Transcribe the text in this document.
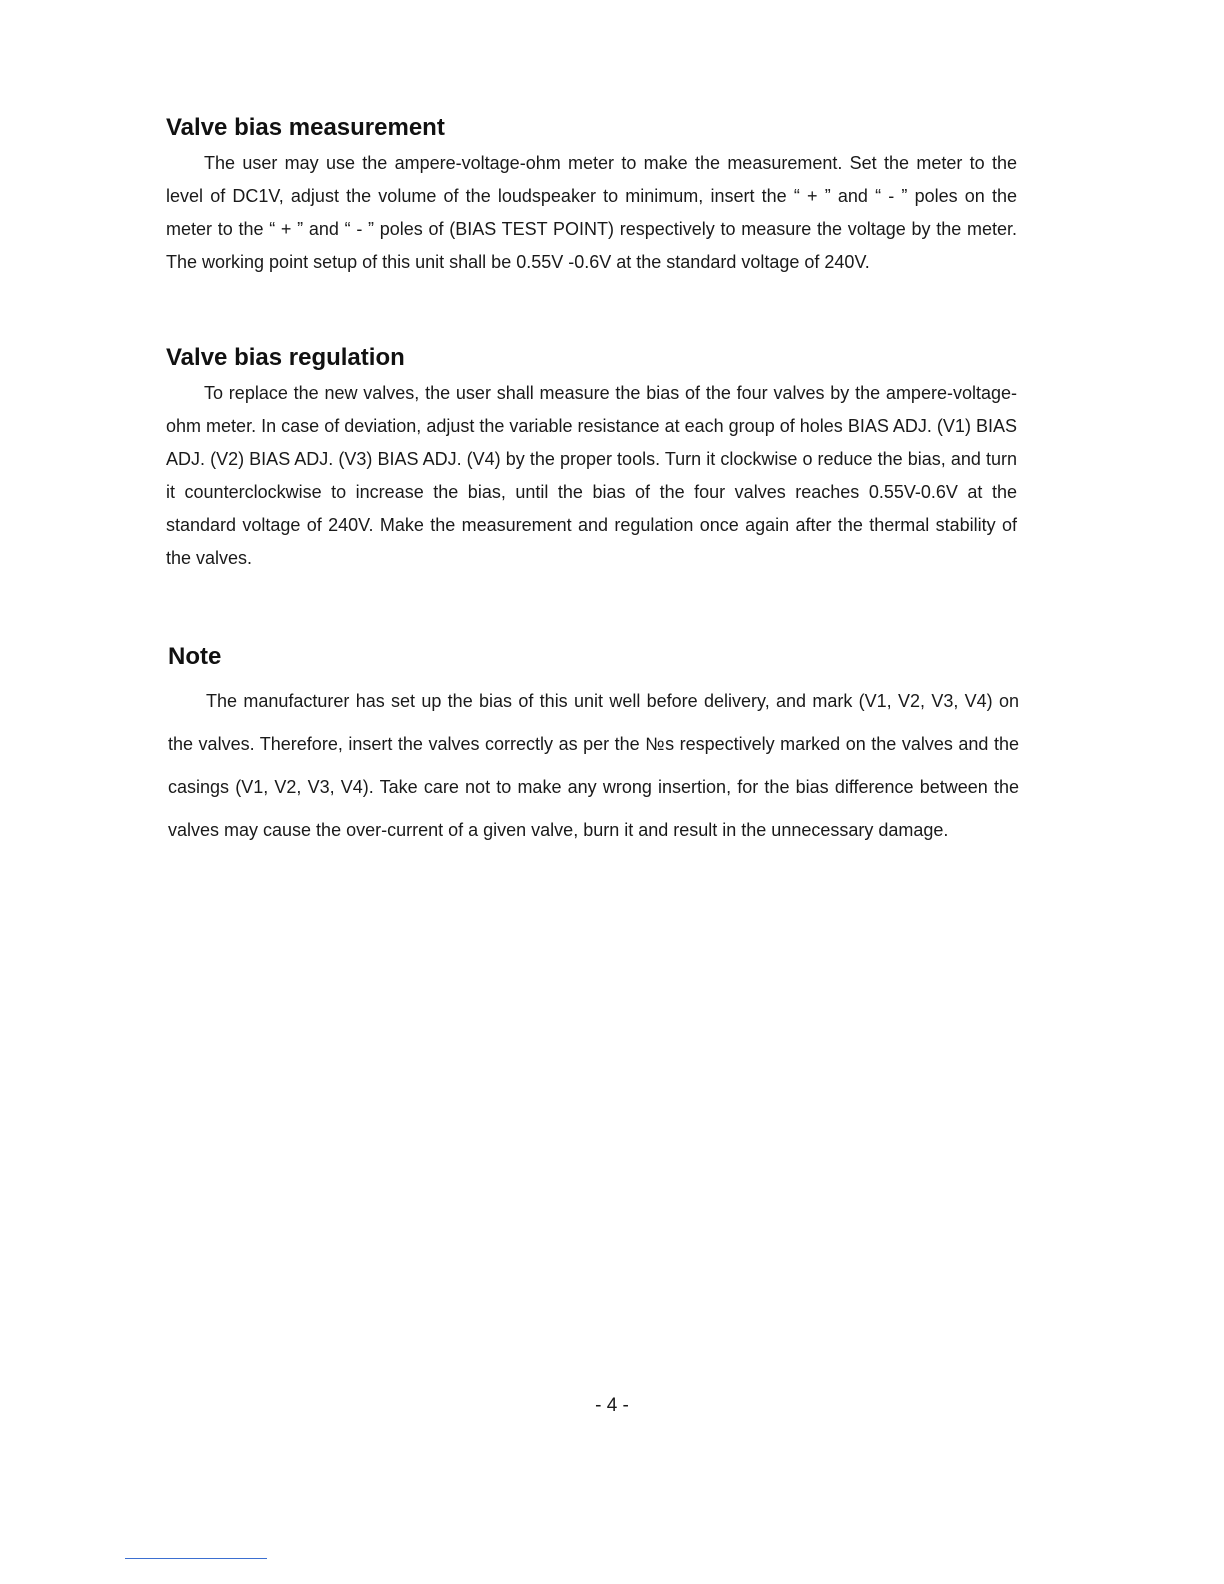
Valve bias measurement

The user may use the ampere-voltage-ohm meter to make the measurement. Set the meter to the level of DC1V, adjust the volume of the loudspeaker to minimum, insert the “ + ” and “ - ” poles on the meter to the “ + ” and “ - ” poles of (BIAS TEST POINT) respectively to measure the voltage by the meter. The working point setup of this unit shall be 0.55V -0.6V at the standard voltage of 240V.

Valve bias regulation

To replace the new valves, the user shall measure the bias of the four valves by the ampere-voltage-ohm meter. In case of deviation, adjust the variable resistance at each group of holes BIAS ADJ. (V1) BIAS ADJ. (V2) BIAS ADJ. (V3) BIAS ADJ. (V4) by the proper tools. Turn it clockwise o reduce the bias, and turn it counterclockwise to increase the bias, until the bias of the four valves reaches 0.55V-0.6V at the standard voltage of 240V. Make the measurement and regulation once again after the thermal stability of the valves.

Note

The manufacturer has set up the bias of this unit well before delivery, and mark (V1, V2, V3, V4) on the valves. Therefore, insert the valves correctly as per the №s respectively marked on the valves and the casings (V1, V2, V3, V4). Take care not to make any wrong insertion, for the bias difference between the valves may cause the over-current of a given valve, burn it and result in the unnecessary damage.

- 4 -
